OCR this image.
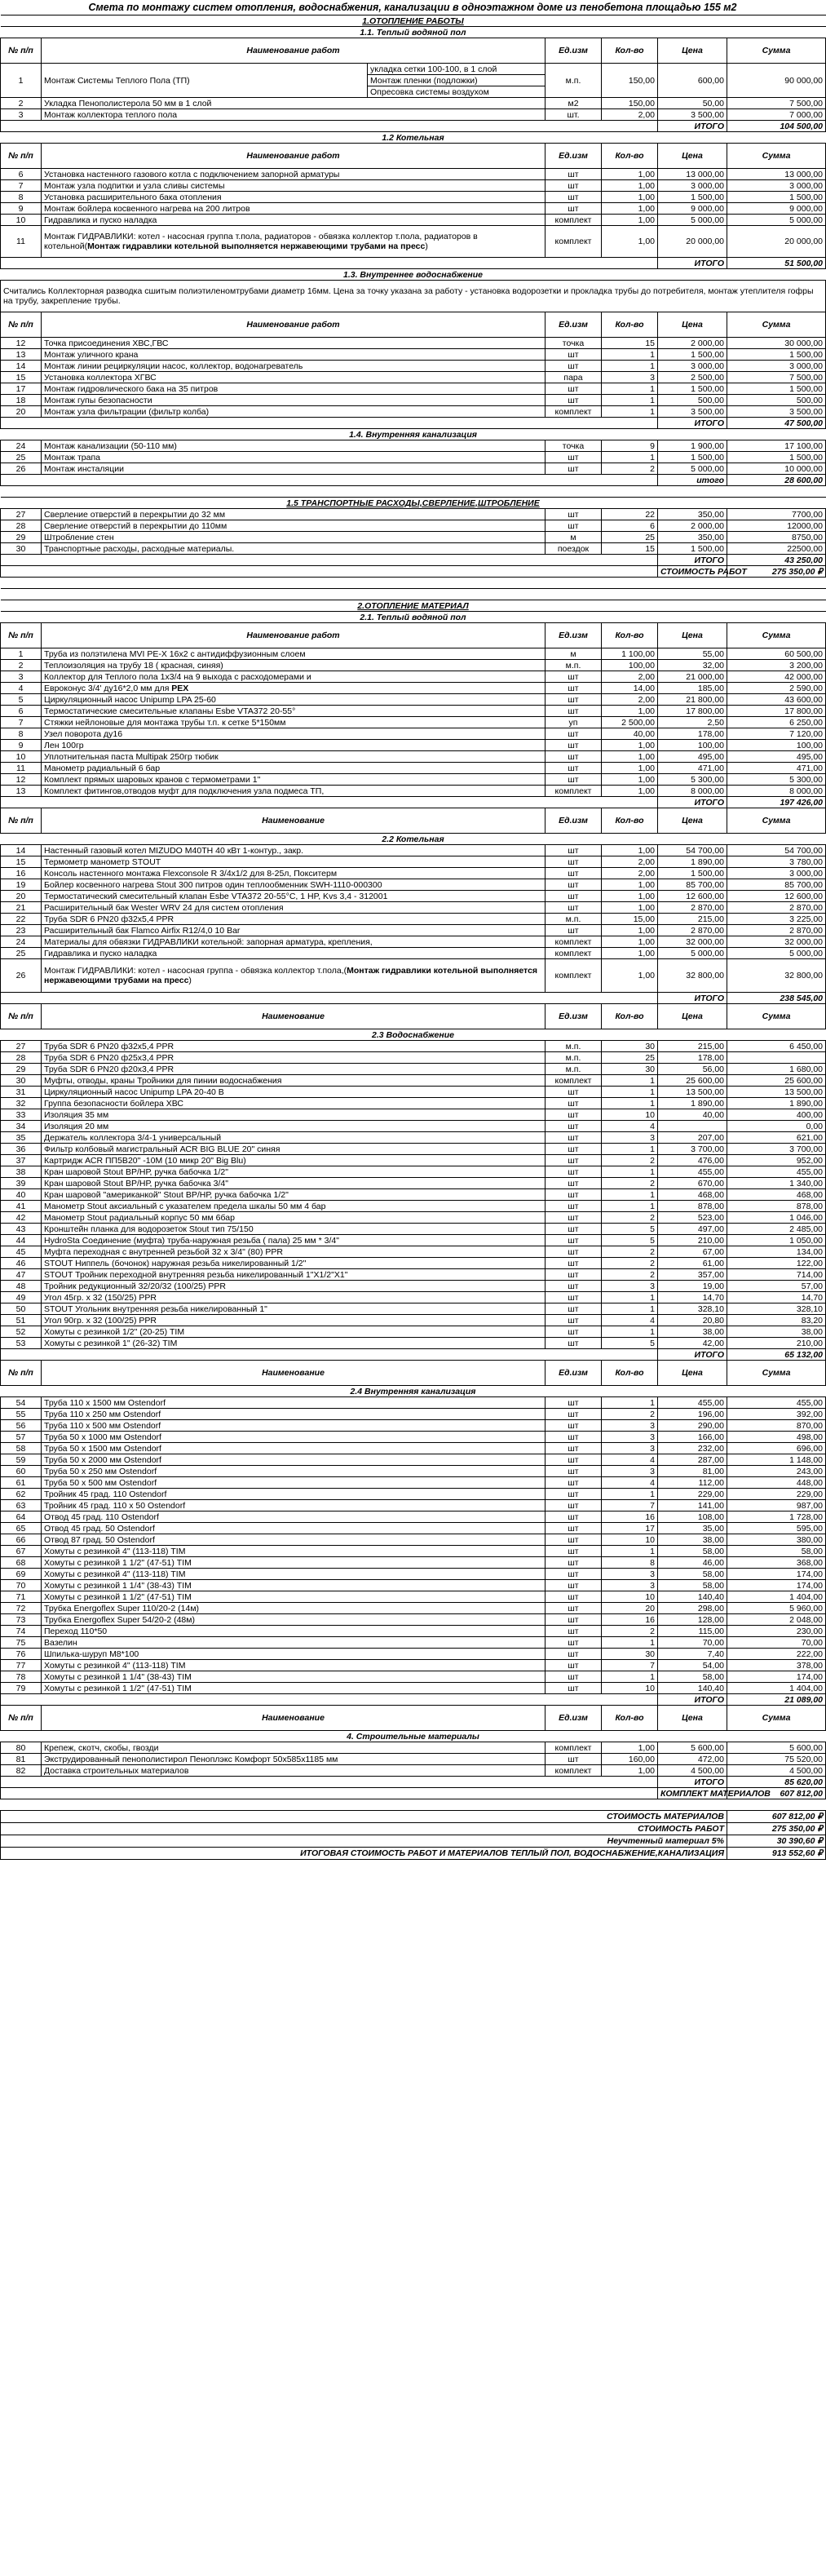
Смета по монтажу систем отопления, водоснабжения, канализации в одноэтажном доме из пенобетона площадью 155 м2
1.ОТОПЛЕНИЕ РАБОТЫ						
1.1. Теплый водяной пол						
№ п/п	Наименование работ		Ед.изм	Кол-во	Цена	Сумма
1	Монтаж Системы Теплого Пола (ТП)	укладка сетки 100-100, в 1 слой	м.п.	150,00	600,00	90 000,00
		Монтаж пленки (подложки)				
		Опресовка системы воздухом				
2	Укладка Пенополистерола 50 мм в 1 слой		м2	150,00	50,00	7 500,00
3	Монтаж коллектора теплого пола		шт.	2,00	3 500,00	7 000,00
					ИТОГО	104 500,00
1.2 Котельная						
№ п/п	Наименование работ		Ед.изм	Кол-во	Цена	Сумма
6	Установка настенного газового котла с подключением запорной арматуры		шт	1,00	13 000,00	13 000,00
7	Монтаж узла подпитки и узла сливы системы		шт	1,00	3 000,00	3 000,00
8	Установка расширительного бака отопления		шт	1,00	1 500,00	1 500,00
9	Монтаж бойлера косвенного нагрева на 200 литров		шт	1,00	9 000,00	9 000,00
10	Гидравлика и пуско наладка		комплект	1,00	5 000,00	5 000,00
11	Монтаж ГИДРАВЛИКИ: котел - насосная группа т.пола, радиаторов - обвязка коллектор т.пола, радиаторов в котельной(Монтаж гидравлики котельной выполняется нержавеющими трубами на пресс)		комплект	1,00	20 000,00	20 000,00
					ИТОГО	51 500,00
1.3. Внутреннее водоснабжение						
Считались Коллекторная разводка сшитым полиэтиленомтрубами диаметр 16мм. Цена за точку указана за работу - установка водорозетки и прокладка трубы до потребителя, монтаж утеплителя гофры на трубу, закрепление трубы.						
№ п/п	Наименование работ		Ед.изм	Кол-во	Цена	Сумма
12	Точка присоединения ХВС,ГВС		точка	15	2 000,00	30 000,00
13	Монтаж уличного крана		шт	1	1 500,00	1 500,00
14	Монтаж линии рециркуляции насос, коллектор, водонагреватель		шт	1	3 000,00	3 000,00
15	Установка коллектора ХГВС		пара	3	2 500,00	7 500,00
17	Монтаж гидровлического бака на 35 питров		шт	1	1 500,00	1 500,00
18	Монтаж гупы безопасности		шт	1	500,00	500,00
20	Монтаж узла фильтрации (фильтр колба)		комплект	1	3 500,00	3 500,00
					ИТОГО	47 500,00
1.4. Внутренняя канализация						
24	Монтаж канализации (50-110 мм)		точка	9	1 900,00	17 100,00
25	Монтаж трапа		шт	1	1 500,00	1 500,00
26	Монтаж инсталяции		шт	2	5 000,00	10 000,00
					итого	28 600,00

1.5 ТРАНСПОРТНЫЕ РАСХОДЫ,СВЕРЛЕНИЕ,ШТРОБЛЕНИЕ						
27	Сверление отверстий в перекрытии до 32 мм		шт	22	350,00	7700,00
28	Сверление отверстий в перекрытии до 110мм		шт	6	2 000,00	12000,00
29	Штробление стен		м	25	350,00	8750,00
30	Транспортные расходы, расходные материалы.		поездок	15	1 500,00	22500,00
					ИТОГО	43 250,00
					СТОИМОСТЬ РАБОТ	275 350,00 ₽

2.ОТОПЛЕНИЕ МАТЕРИАЛ						
2.1. Теплый водяной пол						
№ п/п	Наименование работ		Ед.изм	Кол-во	Цена	Сумма
1	Труба из полэтилена MVI PE-X 16x2 с антидиффузионным слоем		м	1 100,00	55,00	60 500,00
2	Теплоизоляция на трубу 18 ( красная, синяя)		м.п.	100,00	32,00	3 200,00
3	Коллектор для Теплого пола 1x3/4 на 9 выхода с расходомерами и		шт	2,00	21 000,00	42 000,00
4	Евроконус 3/4' ду16*2,0 мм для PEX		шт	14,00	185,00	2 590,00
5	Циркуляционный насос Unipump LPA 25-60		шт	2,00	21 800,00	43 600,00
6	Термостатические смесительные клапаны Esbe VTA372 20-55°		шт	1,00	17 800,00	17 800,00
7	Стяжки нейлоновые для монтажа трубы т.п. к сетке 5*150мм		уп	2 500,00	2,50	6 250,00
8	Узел поворота ду16		шт	40,00	178,00	7 120,00
9	Лен 100гр		шт	1,00	100,00	100,00
10	Уплотнительная паста Multipak 250гр тюбик		шт	1,00	495,00	495,00
11	Манометр радиальный 6 бар		шт	1,00	471,00	471,00
12	Комплект прямых шаровых кранов с термометрами 1"		шт	1,00	5 300,00	5 300,00
13	Комплект фитингов,отводов муфт для подключения узла подмеса ТП,		комплект	1,00	8 000,00	8 000,00
					ИТОГО	197 426,00
№ п/п	Наименование		Ед.изм	Кол-во	Цена	Сумма
2.2 Котельная						
14	Настенный газовый котел MIZUDO M40TH 40 кВт 1-контур., закр.		шт	1,00	54 700,00	54 700,00
15	Термометр манометр STOUT		шт	2,00	1 890,00	3 780,00
16	Консоль настенного монтажа Flexconsole R 3/4x1/2 для 8-25л, Покситерм		шт	2,00	1 500,00	3 000,00
19	Бойлер косвенного нагрева Stout 300 питров один теплообменник SWH-1110-000300		шт	1,00	85 700,00	85 700,00
20	Термостатический смесительный клапан Esbe VTA372 20-55°C, 1 HP, Kvs 3,4 - 312001		шт	1,00	12 600,00	12 600,00
21	Расширительный бак Wester WRV 24 для систем отопления		шт	1,00	2 870,00	2 870,00
22	Труба SDR 6 PN20 ф32х5,4 PPR		м.п.	15,00	215,00	3 225,00
23	Расширительный бак Flamco Airfix R12/4,0 10 Bar		шт	1,00	2 870,00	2 870,00
24	Материалы для обвязки ГИДРАВЛИКИ котельной: запорная арматура, крепления,		комплект	1,00	32 000,00	32 000,00
25	Гидравлика и пуско наладка		комплект	1,00	5 000,00	5 000,00
26	Монтаж ГИДРАВЛИКИ: котел - насосная группа - обвязка коллектор т.пола,(Монтаж гидравлики котельной выполняется нержавеющими трубами на пресс)		комплект	1,00	32 800,00	32 800,00
					ИТОГО	238 545,00
№ п/п	Наименование		Ед.изм	Кол-во	Цена	Сумма
2.3 Водоснабжение						
27	Труба SDR 6 PN20 ф32х5,4 PPR		м.п.	30	215,00	6 450,00
28	Труба SDR 6 PN20 ф25х3,4 PPR		м.п.	25	178,00	
29	Труба SDR 6 PN20 ф20х3,4 PPR		м.п.	30	56,00	1 680,00
30	Муфты, отводы, краны Тройники для пинии водоснабжения		комплект	1	25 600,00	25 600,00
31	Циркуляционный насос Unipump LPA 20-40 B		шт	1	13 500,00	13 500,00
32	Группа безопасности бойлера ХВС		шт	1	1 890,00	1 890,00
33	Изоляция 35 мм		шт	10	40,00	400,00
34	Изоляция 20 мм		шт	4		0,00
35	Держатель коллектора 3/4-1 универсальный		шт	3	207,00	621,00
36	Фильтр колбовый магистральный АСR BIG BLUE 20" синяя		шт	1	3 700,00	3 700,00
37	Картридж АСR ПП5В20" -10М (10 микр 20" Big Blu)		шт	2	476,00	952,00
38	Кран шаровой Stout ВР/НР, ручка бабочка 1/2"		шт	1	455,00	455,00
39	Кран шаровой Stout ВР/НР, ручка бабочка 3/4"		шт	2	670,00	1 340,00
40	Кран шаровой "американкой" Stout ВР/НР, ручка бабочка 1/2"		шт	1	468,00	468,00
41	Манометр Stout аксиальный с указателем предела шкалы 50 мм 4 бар		шт	1	878,00	878,00
42	Манометр Stout радиальный корпус 50 мм 6бар		шт	2	523,00	1 046,00
43	Кронштейн планка для водорозеток Stout тип 75/150		шт	5	497,00	2 485,00
44	HydroSta Соединение (муфта) труба-наружная резьба ( пала) 25 мм * 3/4"		шт	5	210,00	1 050,00
45	Муфта переходная с внутренней резьбой 32 х 3/4" (80) PPR		шт	2	67,00	134,00
46	STOUT Ниппель (бочонок) наружная резьба никелированный 1/2"		шт	2	61,00	122,00
47	STOUT Тройник переходной внутренняя резьба никелированный 1"X1/2"X1"		шт	2	357,00	714,00
48	Тройник редукционный 32/20/32 (100/25) PPR		шт	3	19,00	57,00
49	Угол 45гр. х 32 (150/25) PPR		шт	1	14,70	14,70
50	STOUT Угольник внутренняя резьба никелированный 1"		шт	1	328,10	328,10
51	Угол 90гр. х 32 (100/25) PPR		шт	4	20,80	83,20
52	Хомуты с резинкой 1/2" (20-25) TIM		шт	1	38,00	38,00
53	Хомуты с резинкой 1" (26-32) TIM		шт	5	42,00	210,00
					ИТОГО	65 132,00
№ п/п	Наименование		Ед.изм	Кол-во	Цена	Сумма
2.4 Внутренняя канализация						
54	Труба 110 х 1500 мм Ostendorf		шт	1	455,00	455,00
55	Труба 110 х 250 мм Ostendorf		шт	2	196,00	392,00
56	Труба 110 х 500 мм Ostendorf		шт	3	290,00	870,00
57	Труба 50 х 1000 мм Ostendorf		шт	3	166,00	498,00
58	Труба 50 х 1500 мм Ostendorf		шт	3	232,00	696,00
59	Труба 50 х 2000 мм Ostendorf		шт	4	287,00	1 148,00
60	Труба 50 х 250 мм Ostendorf		шт	3	81,00	243,00
61	Труба 50 х 500 мм Ostendorf		шт	4	112,00	448,00
62	Тройник 45 град. 110 Ostendorf		шт	1	229,00	229,00
63	Тройник 45 град. 110 х 50 Ostendorf		шт	7	141,00	987,00
64	Отвод 45 град. 110 Ostendorf		шт	16	108,00	1 728,00
65	Отвод 45 град. 50 Ostendorf		шт	17	35,00	595,00
66	Отвод 87 град. 50 Ostendorf		шт	10	38,00	380,00
67	Хомуты с резинкой 4" (113-118) TIM		шт	1	58,00	58,00
68	Хомуты с резинкой 1 1/2" (47-51) TIM		шт	8	46,00	368,00
69	Хомуты с резинкой 4" (113-118) TIM		шт	3	58,00	174,00
70	Хомуты с резинкой 1 1/4" (38-43) TIM		шт	3	58,00	174,00
71	Хомуты с резинкой 1 1/2" (47-51) TIM		шт	10	140,40	1 404,00
72	Трубка Energoflex Super 110/20-2 (14м)		шт	20	298,00	5 960,00
73	Трубка Energoflex Super 54/20-2 (48м)		шт	16	128,00	2 048,00
74	Переход 110*50		шт	2	115,00	230,00
75	Вазелин		шт	1	70,00	70,00
76	Шпилька-шуруп М8*100		шт	30	7,40	222,00
77	Хомуты с резинкой 4" (113-118) TIM		шт	7	54,00	378,00
78	Хомуты с резинкой 1 1/4" (38-43) TIM		шт	1	58,00	174,00
79	Хомуты с резинкой 1 1/2" (47-51) TIM		шт	10	140,40	1 404,00
					ИТОГО	21 089,00
№ п/п	Наименование		Ед.изм	Кол-во	Цена	Сумма
4. Строительные материалы						
80	Крепеж, скотч, скобы, гвозди		комплект	1,00	5 600,00	5 600,00
81	Экструдированный пенополистирол Пеноплэкс Комфорт 50х585х1185 мм		шт	160,00	472,00	75 520,00
82	Доставка строительных материалов		комплект	1,00	4 500,00	4 500,00
					ИТОГО	85 620,00
					КОМПЛЕКТ МАТЕРИАЛОВ	607 812,00

СТОИМОСТЬ МАТЕРИАЛОВ						607 812,00 ₽
СТОИМОСТЬ РАБОТ						275 350,00 ₽
Неучтенный материал 5%						30 390,60 ₽
ИТОГОВАЯ СТОИМОСТЬ РАБОТ И МАТЕРИАЛОВ ТЕПЛЫЙ ПОЛ, ВОДОСНАБЖЕНИЕ,КАНАЛИЗАЦИЯ						913 552,60 ₽
